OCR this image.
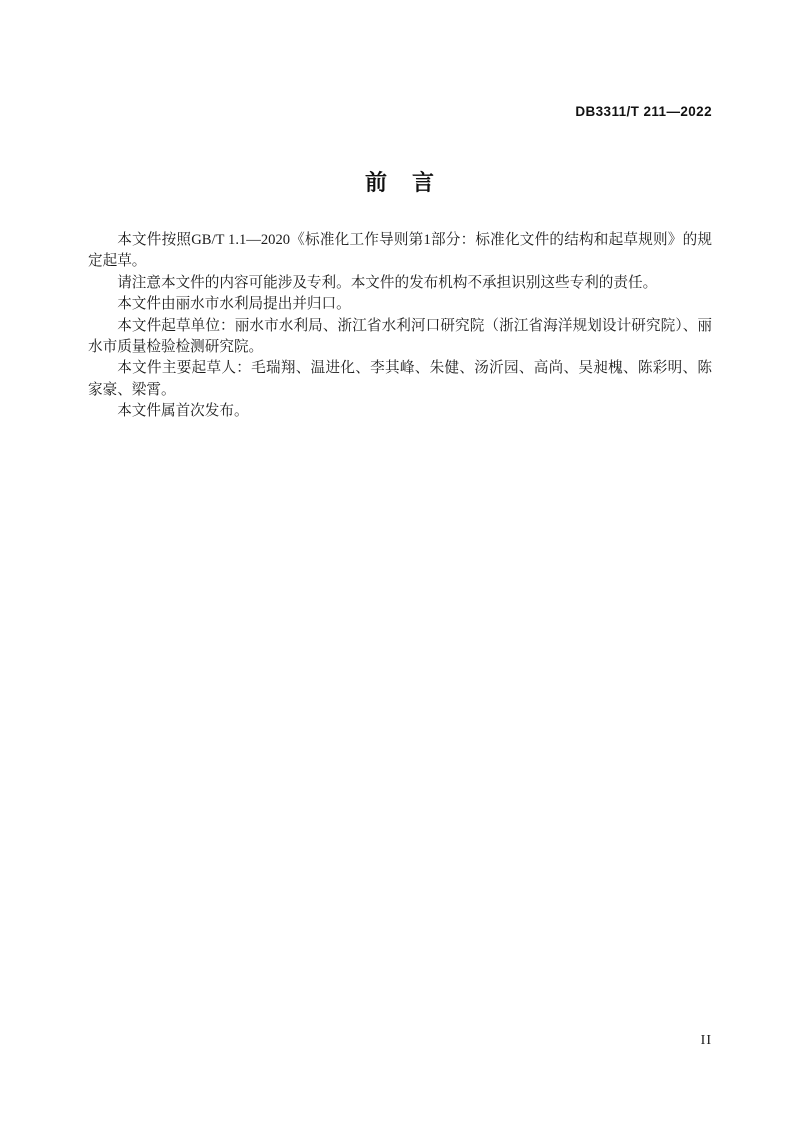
DB3311/T 211—2022
前 言

本文件按照GB/T 1.1—2020《标准化工作导则第1部分：标准化文件的结构和起草规则》的规定起草。

请注意本文件的内容可能涉及专利。本文件的发布机构不承担识别这些专利的责任。

本文件由丽水市水利局提出并归口。

本文件起草单位：丽水市水利局、浙江省水利河口研究院（浙江省海洋规划设计研究院）、丽水市质量检验检测研究院。

本文件主要起草人：毛瑞翔、温进化、李其峰、朱健、汤沂园、高尚、吴昶槐、陈彩明、陈家豪、梁霄。

本文件属首次发布。

II
